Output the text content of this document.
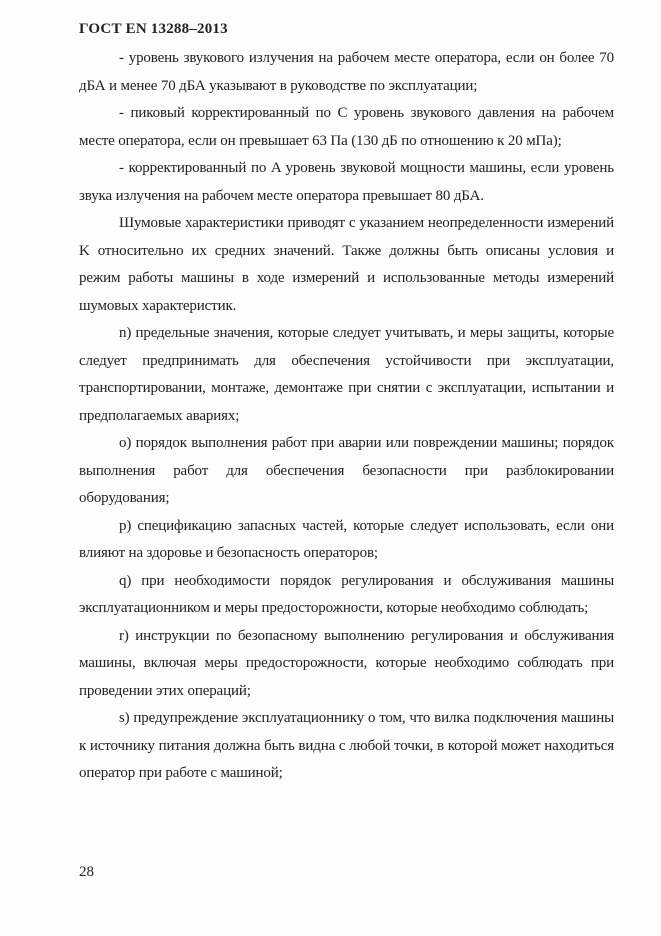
ГОСТ EN 13288–2013

- уровень звукового излучения на рабочем месте оператора, если он более 70 дБА и менее 70 дБА указывают в руководстве по эксплуатации;

- пиковый корректированный по C уровень звукового давления на рабочем месте оператора, если он превышает 63 Па (130 дБ по отношению к 20 мПа);

- корректированный по A уровень звуковой мощности машины, если уровень звука излучения на рабочем месте оператора превышает 80 дБА.

Шумовые характеристики приводят с указанием неопределенности измерений K относительно их средних значений. Также должны быть описаны условия и режим работы машины в ходе измерений и использованные методы измерений шумовых характеристик.

n) предельные значения, которые следует учитывать, и меры защиты, которые следует предпринимать для обеспечения устойчивости при эксплуатации, транспортировании, монтаже, демонтаже при снятии с эксплуатации, испытании и предполагаемых авариях;

o) порядок выполнения работ при аварии или повреждении машины; порядок выполнения работ для обеспечения безопасности при разблокировании оборудования;

p) спецификацию запасных частей, которые следует использовать, если они влияют на здоровье и безопасность операторов;

q) при необходимости порядок регулирования и обслуживания машины эксплуатационником и меры предосторожности, которые необходимо соблюдать;

r) инструкции по безопасному выполнению регулирования и обслуживания машины, включая меры предосторожности, которые необходимо соблюдать при проведении этих операций;

s) предупреждение эксплуатационнику о том, что вилка подключения машины к источнику питания должна быть видна с любой точки, в которой может находиться оператор при работе с машиной;

28
